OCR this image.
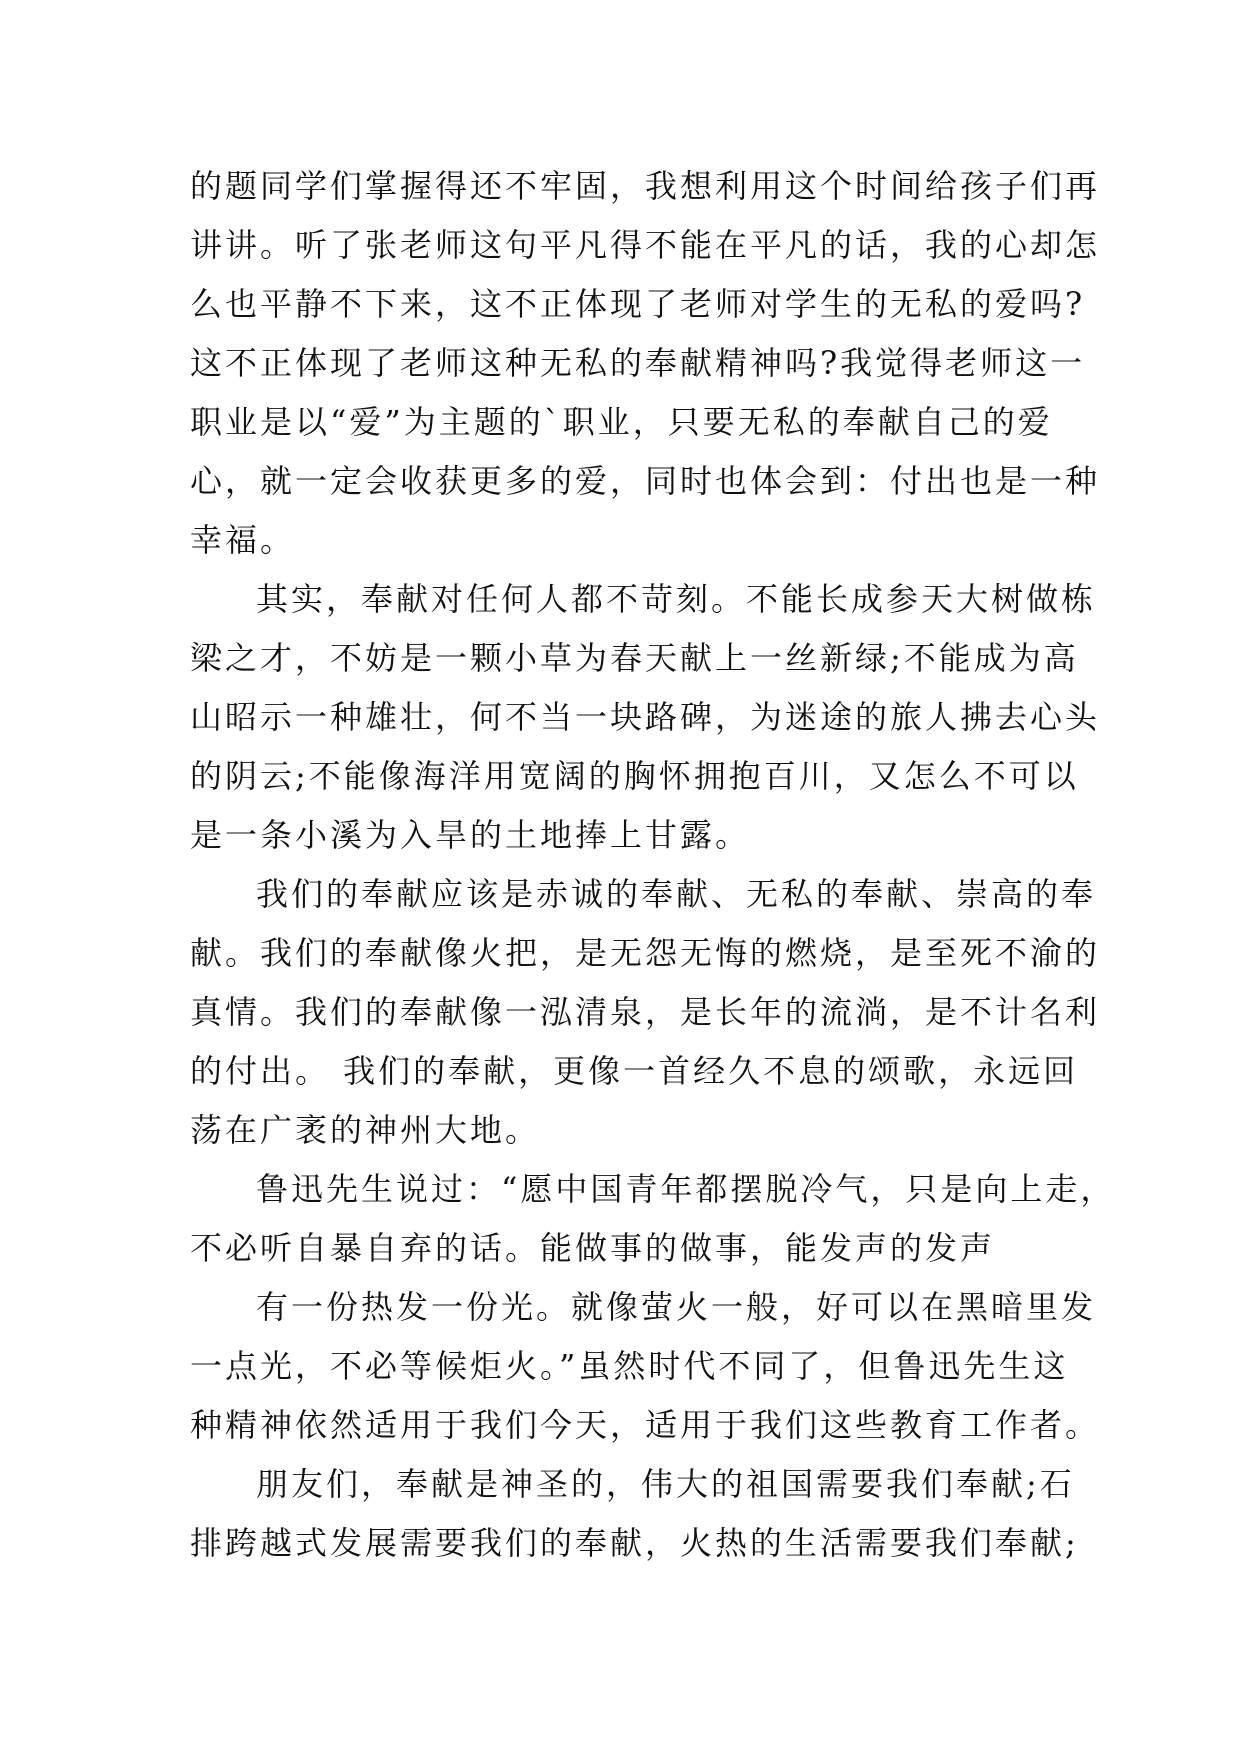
的题同学们掌握得还不牢固，我想利用这个时间给孩子们再
讲讲。听了张老师这句平凡得不能在平凡的话，我的心却怎
么也平静不下来，这不正体现了老师对学生的无私的爱吗?
这不正体现了老师这种无私的奉献精神吗?我觉得老师这一
职业是以“爱”为主题的`职业，只要无私的奉献自己的爱
心，就一定会收获更多的爱，同时也体会到：付出也是一种
幸福。
其实，奉献对任何人都不苛刻。不能长成参天大树做栋
梁之才，不妨是一颗小草为春天献上一丝新绿;不能成为高
山昭示一种雄壮，何不当一块路碑，为迷途的旅人拂去心头
的阴云;不能像海洋用宽阔的胸怀拥抱百川，又怎么不可以
是一条小溪为入旱的土地捧上甘露。
我们的奉献应该是赤诚的奉献、无私的奉献、崇高的奉
献。我们的奉献像火把，是无怨无悔的燃烧，是至死不渝的
真情。我们的奉献像一泓清泉，是长年的流淌，是不计名利
的付出。 我们的奉献，更像一首经久不息的颂歌，永远回
荡在广袤的神州大地。
鲁迅先生说过：“愿中国青年都摆脱冷气，只是向上走，
不必听自暴自弃的话。能做事的做事，能发声的发声
有一份热发一份光。就像萤火一般，好可以在黑暗里发
一点光，不必等候炬火。”虽然时代不同了，但鲁迅先生这
种精神依然适用于我们今天，适用于我们这些教育工作者。
朋友们，奉献是神圣的，伟大的祖国需要我们奉献;石
排跨越式发展需要我们的奉献，火热的生活需要我们奉献;
